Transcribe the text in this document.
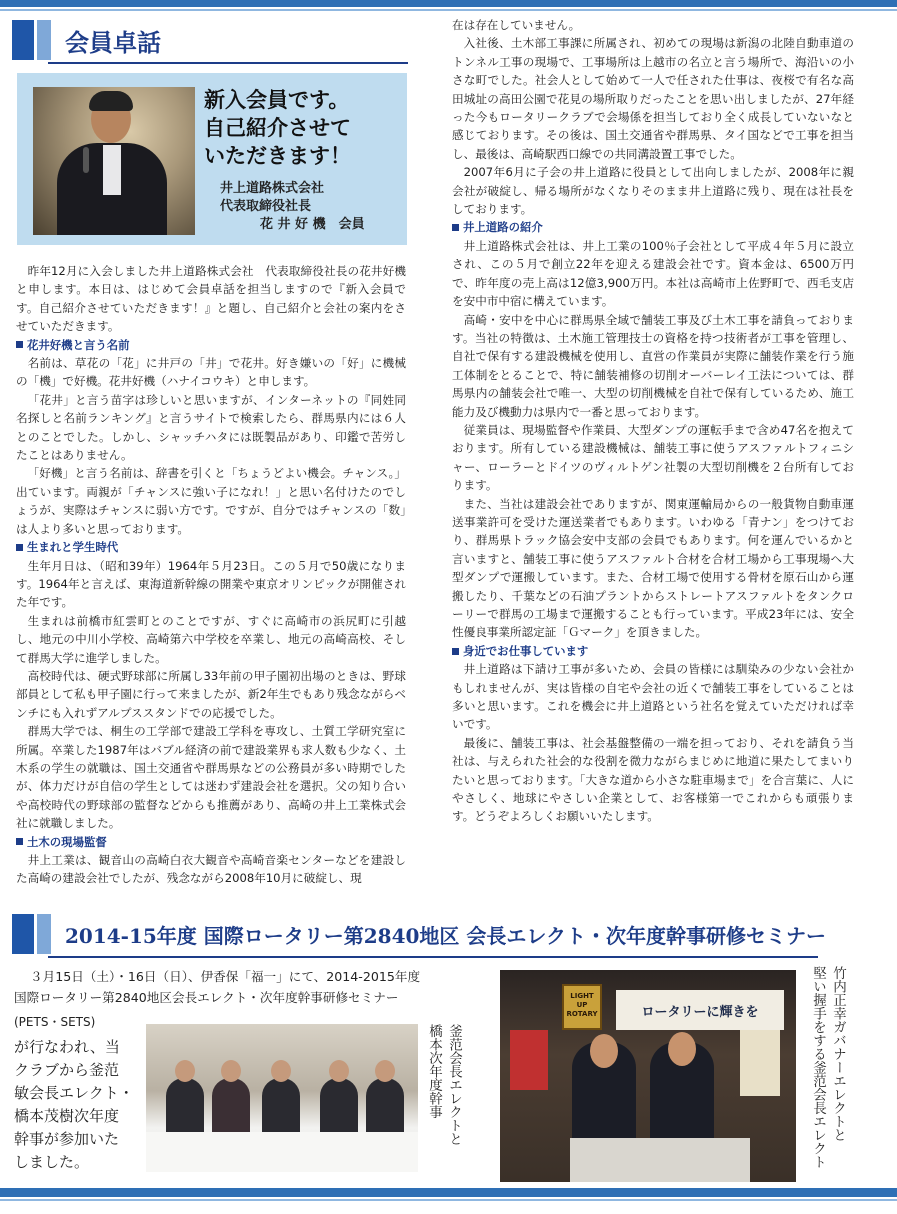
会員卓話
新入会員です。
自己紹介させて
いただきます！
井上道路株式会社
代表取締役社長
花 井 好 機　会員

昨年12月に入会しました井上道路株式会社　代表取締役社長の花井好機と申します。本日は、はじめて会員卓話を担当しますので『新入会員です。自己紹介させていただきます！』と題し、自己紹介と会社の案内をさせていただきます。

花井好機と言う名前

名前は、草花の「花」に井戸の「井」で花井。好き嫌いの「好」に機械の「機」で好機。花井好機（ハナイコウキ）と申します。

「花井」と言う苗字は珍しいと思いますが、インターネットの『同姓同名探しと名前ランキング』と言うサイトで検索したら、群馬県内には６人とのことでした。しかし、シャッチハタには既製品があり、印鑑で苦労したことはありません。

「好機」と言う名前は、辞書を引くと「ちょうどよい機会。チャンス。」出ています。両親が「チャンスに強い子になれ！」と思い名付けたのでしょうが、実際はチャンスに弱い方です。ですが、自分ではチャンスの「数」は人より多いと思っております。

生まれと学生時代

生年月日は、（昭和39年）1964年５月23日。この５月で50歳になります。1964年と言えば、東海道新幹線の開業や東京オリンピックが開催された年です。

生まれは前橋市紅雲町とのことですが、すぐに高崎市の浜尻町に引越し、地元の中川小学校、高崎第六中学校を卒業し、地元の高崎高校、そして群馬大学に進学しました。

高校時代は、硬式野球部に所属し33年前の甲子園初出場のときは、野球部員として私も甲子園に行って来ましたが、新2年生でもあり残念ながらベンチにも入れずアルプススタンドでの応援でした。

群馬大学では、桐生の工学部で建設工学科を専攻し、土質工学研究室に所属。卒業した1987年はバブル経済の前で建設業界も求人数も少なく、土木系の学生の就職は、国土交通省や群馬県などの公務員が多い時期でしたが、体力だけが自信の学生としては迷わず建設会社を選択。父の知り合いや高校時代の野球部の監督などからも推薦があり、高崎の井上工業株式会社に就職しました。

土木の現場監督

井上工業は、観音山の高崎白衣大観音や高崎音楽センターなどを建設した高崎の建設会社でしたが、残念ながら2008年10月に破綻し、現

在は存在していません。

入社後、土木部工事課に所属され、初めての現場は新潟の北陸自動車道のトンネル工事の現場で、工事場所は上越市の名立と言う場所で、海沿いの小さな町でした。社会人として始めて一人で任された仕事は、夜桜で有名な高田城址の高田公園で花見の場所取りだったことを思い出しましたが、27年経った今もロータリークラブで会場係を担当しており全く成長していないなと感じております。その後は、国土交通省や群馬県、タイ国などで工事を担当し、最後は、高崎駅西口線での共同溝設置工事でした。

2007年6月に子会の井上道路に役員として出向しましたが、2008年に親会社が破綻し、帰る場所がなくなりそのまま井上道路に残り、現在は社長をしております。

井上道路の紹介

井上道路株式会社は、井上工業の100％子会社として平成４年５月に設立され、この５月で創立22年を迎える建設会社です。資本金は、6500万円で、昨年度の売上高は12億3,900万円。本社は高崎市上佐野町で、西毛支店を安中市中宿に構えています。

高崎・安中を中心に群馬県全域で舗装工事及び土木工事を請負っております。当社の特徴は、土木施工管理技士の資格を持つ技術者が工事を管理し、自社で保有する建設機械を使用し、直営の作業員が実際に舗装作業を行う施工体制をとることで、特に舗装補修の切削オーバーレイ工法については、群馬県内の舗装会社で唯一、大型の切削機械を自社で保有しているため、施工能力及び機動力は県内で一番と思っております。

従業員は、現場監督や作業員、大型ダンプの運転手まで含め47名を抱えております。所有している建設機械は、舗装工事に使うアスファルトフィニシャー、ローラーとドイツのヴィルトゲン社製の大型切削機を２台所有しております。

また、当社は建設会社でありますが、関東運輸局からの一般貨物自動車運送事業許可を受けた運送業者でもあります。いわゆる「青ナン」をつけており、群馬県トラック協会安中支部の会員でもあります。何を運んでいるかと言いますと、舗装工事に使うアスファルト合材を合材工場から工事現場へ大型ダンプで運搬しています。また、合材工場で使用する骨材を原石山から運搬したり、千葉などの石油プラントからストレートアスファルトをタンクローリーで群馬の工場まで運搬することも行っています。平成23年には、安全性優良事業所認定証「Ｇマーク」を頂きました。

身近でお仕事しています

井上道路は下請け工事が多いため、会員の皆様には馴染みの少ない会社かもしれませんが、実は皆様の自宅や会社の近くで舗装工事をしていることは多いと思います。これを機会に井上道路という社名を覚えていただければ幸いです。

最後に、舗装工事は、社会基盤整備の一端を担っており、それを請負う当社は、与えられた社会的な役割を微力ながらまじめに地道に果たしてまいりたいと思っております。「大きな道から小さな駐車場まで」を合言葉に、人にやさしく、地球にやさしい企業として、お客様第一でこれからも頑張ります。どうぞよろしくお願いいたします。

2014-15年度 国際ロータリー第2840地区 会長エレクト・次年度幹事研修セミナー
３月15日（土）・16日（日）、伊香保「福一」にて、2014-2015年度
国際ロータリー第2840地区会長エレクト・次年度幹事研修セミナー
(PETS・SETS)
が行なわれ、当
クラブから釜范
敏会長エレクト・
橋本茂樹次年度
幹事が参加いた
しました。
釜范会長エレクトと
橋本次年度幹事
LIGHT UP ROTARY	ロータリーに輝きを	竹内正幸ガバナーエレクトと
堅い握手をする釜范会長エレクト
